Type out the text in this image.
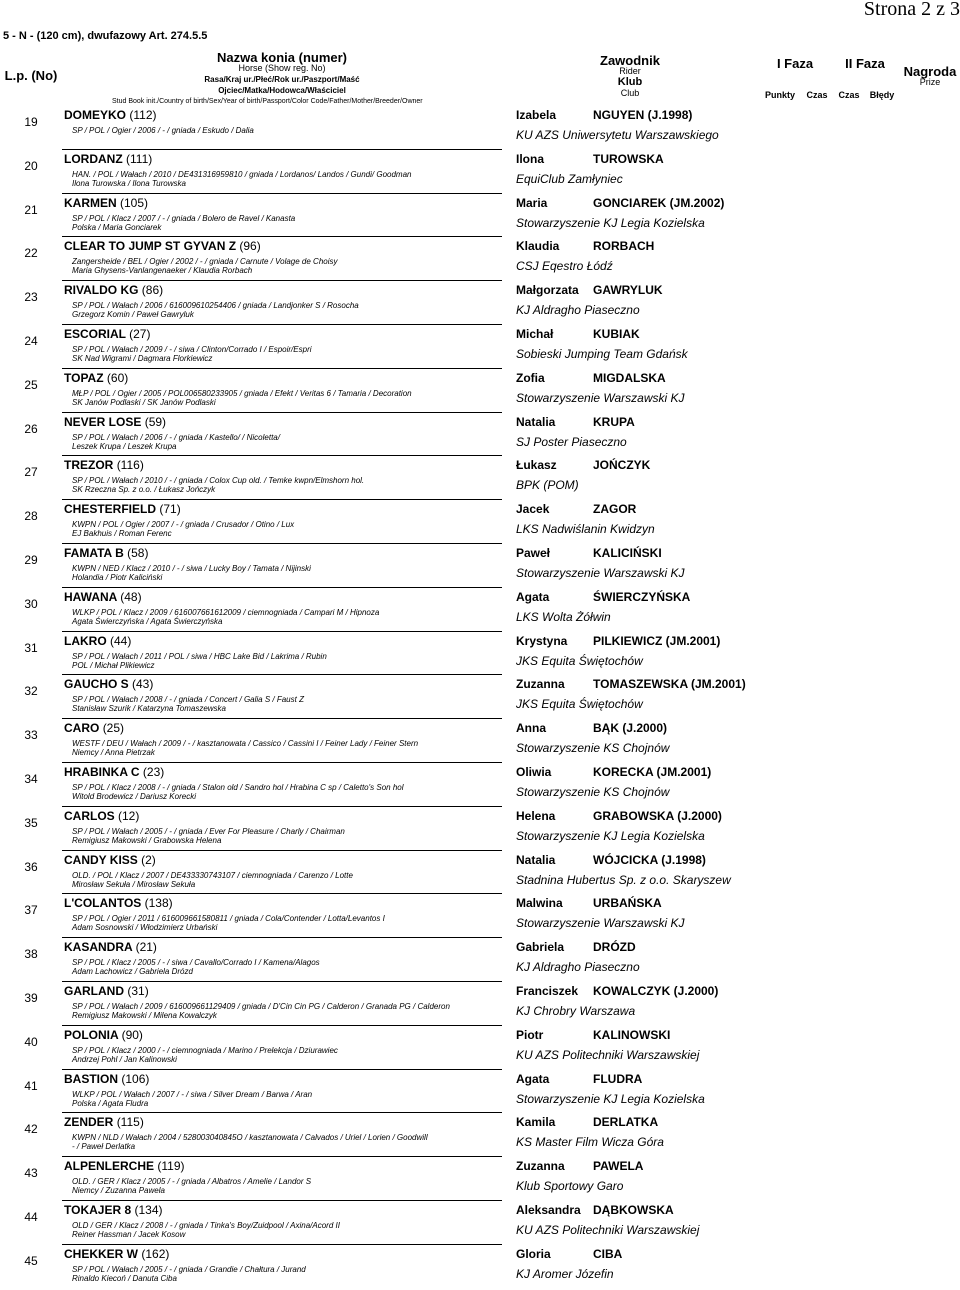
Strona 2 z 3
5 - N - (120 cm), dwufazowy Art. 274.5.5
L.p. (No)
Nazwa konia (numer)
Horse (Show reg. No)
Rasa/Kraj ur./Płeć/Rok ur./Paszport/Maść
Ojciec/Matka/Hodowca/Właściciel
Stud Book init./Country of birth/Sex/Year of birth/Passport/Color Code/Father/Mother/Breeder/Owner
Zawodnik
Rider
Klub
Club
I Faza	II Faza
Punkty	Czas	Czas	Błędy
Nagroda
Prize
19	DOMEYKO (112)
SP / POL / Ogier / 2006 / - / gniada / Eskudo / Dalia
Izabela	NGUYEN (J.1998)
KU AZS Uniwersytetu Warszawskiego
20	LORDANZ (111)
HAN. / POL / Wałach / 2010 / DE431316959810 / gniada / Lordanos/ Landos / Gundi/ Goodman
Ilona Turowska / Ilona Turowska
Ilona	TUROWSKA
EquiClub Zamłyniec
21	KARMEN (105)
SP / POL / Klacz / 2007 / - / gniada / Bolero de Ravel / Kanasta
Polska / Maria Gonciarek
Maria	GONCIAREK (JM.2002)
Stowarzyszenie KJ Legia Kozielska
22	CLEAR TO JUMP ST GYVAN Z (96)
Zangersheide / BEL / Ogier / 2002 / - / gniada / Carnute / Volage de Choisy
Maria Ghysens-Vanlangenaeker / Klaudia Rorbach
Klaudia	RORBACH
CSJ Eqestro Łódź
23	RIVALDO KG (86)
SP / POL / Wałach / 2006 / 616009610254406 / gniada / Landjonker S / Rosocha
Grzegorz Komin / Paweł Gawryluk
Małgorzata GAWRYLUK
KJ Aldragho Piaseczno
24	ESCORIAL (27)
SP / POL / Wałach / 2009 / - / siwa / Clinton/Corrado I / Espoir/Espri
SK Nad Wigrami / Dagmara Florkiewicz
Michał	KUBIAK
Sobieski Jumping Team Gdańsk
25	TOPAZ (60)
MŁP / POL / Ogier / 2005 / POL006580233905 / gniada / Efekt / Veritas 6 / Tamaria / Decoration
SK Janów Podlaski / SK Janów Podlaski
Zofia	MIGDALSKA
Stowarzyszenie Warszawski KJ
26	NEVER LOSE (59)
SP / POL / Wałach / 2006 / - / gniada / Kastello/ / Nicoletta/
Leszek Krupa / Leszek Krupa
Natalia	KRUPA
SJ Poster Piaseczno
27	TREZOR (116)
SP / POL / Wałach / 2010 / - / gniada / Colox Cup old. / Temke kwpn/Elmshorn hol.
SK Rzeczna Sp. z o.o. / Łukasz Jończyk
Łukasz	JOŃCZYK
BPK (POM)
28	CHESTERFIELD (71)
KWPN / POL / Ogier / 2007 / - / gniada / Crusador / Otino / Lux
EJ Bakhuis / Roman Ferenc
Jacek	ZAGOR
LKS Nadwiślanin Kwidzyn
29	FAMATA B (58)
KWPN / NED / Klacz / 2010 / - / siwa / Lucky Boy / Tamata / Nijinski
Holandia / Piotr Kaliciński
Paweł	KALICIŃSKI
Stowarzyszenie Warszawski KJ
30	HAWANA (48)
WLKP / POL / Klacz / 2009 / 616007661612009 / ciemnogniada / Campari M / Hipnoza
Agata Świerczyńska / Agata Świerczyńska
Agata	ŚWIERCZYŃSKA
LKS Wolta Żółwin
31	LAKRO (44)
SP / POL / Wałach / 2011 / POL / siwa / HBC Lake Bid / Lakrima / Rubin
POL / Michał Plikiewicz
Krystyna PILKIEWICZ (JM.2001)
JKS Equita Świętochów
32	GAUCHO S (43)
SP / POL / Wałach / 2008 / - / gniada / Concert / Galia S / Faust Z
Stanisław Szurik / Katarzyna Tomaszewska
Zuzanna TOMASZEWSKA (JM.2001)
JKS Equita Świętochów
33	CARO (25)
WESTF / DEU / Wałach / 2009 / - / kasztanowata / Cassico / Cassini I / Feiner Lady / Feiner Stern
Niemcy / Anna Pietrzak
Anna	BĄK (J.2000)
Stowarzyszenie KS Chojnów
34	HRABINKA C (23)
SP / POL / Klacz / 2008 / - / gniada / Stalon old / Sandro hol / Hrabina C sp / Caletto's Son hol
Witold Brodewicz / Dariusz Korecki
Oliwia	KORECKA (JM.2001)
Stowarzyszenie KS Chojnów
35	CARLOS (12)
SP / POL / Wałach / 2005 / - / gniada / Ever For Pleasure / Charly / Chairman
Remigiusz Makowski / Grabowska Helena
Helena	GRABOWSKA (J.2000)
Stowarzyszenie KJ Legia Kozielska
36	CANDY KISS (2)
OLD. / POL / Klacz / 2007 / DE433330743107 / ciemnogniada / Carenzo / Lotte
Mirosław Sekuła / Mirosław Sekuła
Natalia	WÓJCICKA (J.1998)
Stadnina Hubertus Sp. z o.o. Skaryszew
37	L'COLANTOS (138)
SP / POL / Ogier / 2011 / 616009661580811 / gniada / Cola/Contender / Lotta/Levantos I
Adam Sosnowski / Włodzimierz Urbański
Malwina	URBAŃSKA
Stowarzyszenie Warszawski KJ
38	KASANDRA (21)
SP / POL / Klacz / 2005 / - / siwa / Cavallo/Corrado I / Kamena/Alagos
Adam Lachowicz / Gabriela Drózd
Gabriela DRÓZD
KJ Aldragho Piaseczno
39	GARLAND (31)
SP / POL / Wałach / 2009 / 616009661129409 / gniada / D'Cin Cin PG / Calderon / Granada PG / Calderon
Remigiusz Makowski / Milena Kowalczyk
Franciszek KOWALCZYK (J.2000)
KJ Chrobry Warszawa
40	POLONIA (90)
SP / POL / Klacz / 2000 / - / ciemnogniada / Marino / Prelekcja / Dziurawiec
Andrzej Pohl / Jan Kalinowski
Piotr	KALINOWSKI
KU AZS Politechniki Warszawskiej
41	BASTION (106)
WLKP / POL / Wałach / 2007 / - / siwa / Silver Dream / Barwa / Aran
Polska / Agata Fludra
Agata	FLUDRA
Stowarzyszenie KJ Legia Kozielska
42	ZENDER (115)
KWPN / NLD / Wałach / 2004 / 528003040845O / kasztanowata / Calvados / Uriel / Lorien / Goodwill
- / Paweł Derlatka
Kamila	DERLATKA
KS Master Film Wicza Góra
43	ALPENLERCHE (119)
OLD. / GER / Klacz / 2005 / - / gniada / Albatros / Amelie / Landor S
Niemcy / Zuzanna Pawela
Zuzanna PAWELA
Klub Sportowy Garo
44	TOKAJER 8 (134)
OLD / GER / Klacz / 2008 / - / gniada / Tinka's Boy/Zuidpool / Axina/Acord II
Reiner Hassman / Jacek Kosow
Aleksandra DĄBKOWSKA
KU AZS Politechniki Warszawskiej
45	CHEKKER W (162)
SP / POL / Wałach / 2005 / - / gniada / Grandie / Chałtura / Jurand
Rinaldo Kiecoń / Danuta Ciba
Gloria	CIBA
KJ Aromer Józefin
